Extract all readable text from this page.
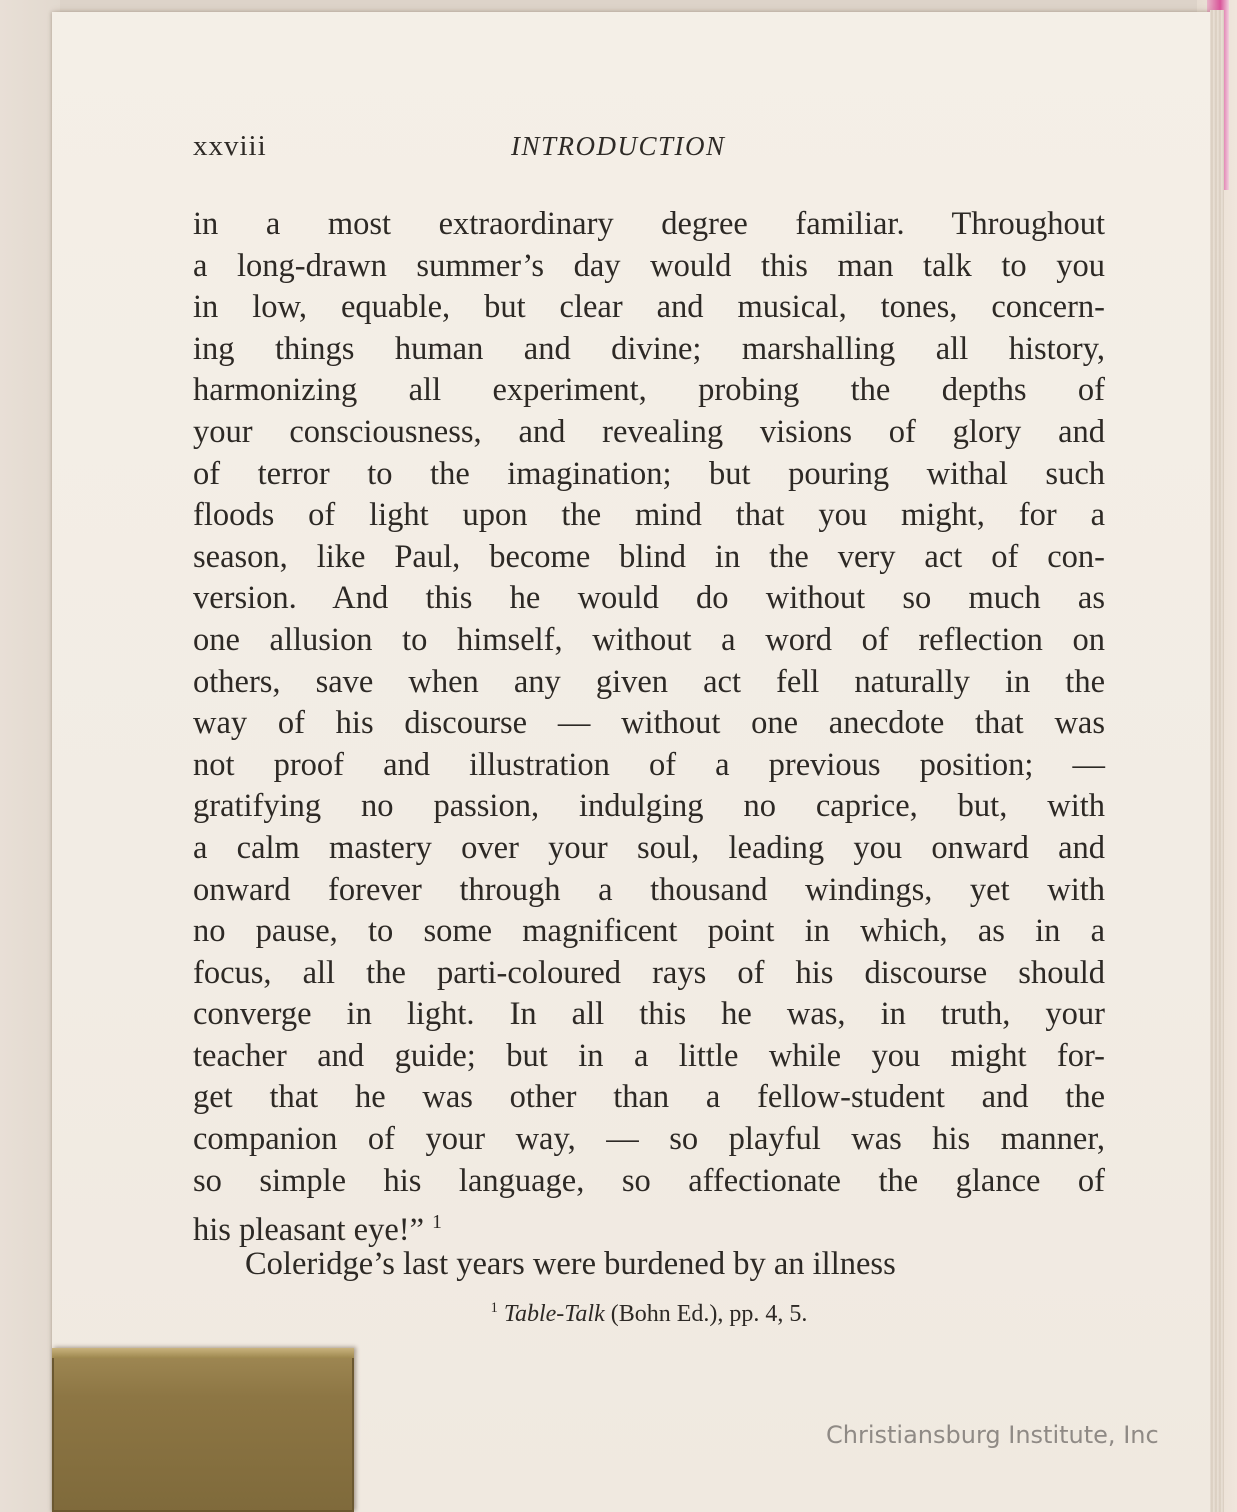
xxviii	INTRODUCTION
in a most extraordinary degree familiar. Throughout
a long-drawn summer’s day would this man talk to you
in low, equable, but clear and musical, tones, concern-
ing things human and divine; marshalling all history,
harmonizing all experiment, probing the depths of
your consciousness, and revealing visions of glory and
of terror to the imagination; but pouring withal such
floods of light upon the mind that you might, for a
season, like Paul, become blind in the very act of con-
version. And this he would do without so much as
one allusion to himself, without a word of reflection on
others, save when any given act fell naturally in the
way of his discourse — without one anecdote that was
not proof and illustration of a previous position; —
gratifying no passion, indulging no caprice, but, with
a calm mastery over your soul, leading you onward and
onward forever through a thousand windings, yet with
no pause, to some magnificent point in which, as in a
focus, all the parti-coloured rays of his discourse should
converge in light. In all this he was, in truth, your
teacher and guide; but in a little while you might for-
get that he was other than a fellow-student and the
companion of your way, — so playful was his manner,
so simple his language, so affectionate the glance of
his pleasant eye!” $^1$
Coleridge’s last years were burdened by an illness
$^1$ Table-Talk (Bohn Ed.), pp. 4, 5.
Christiansburg Institute, Inc
